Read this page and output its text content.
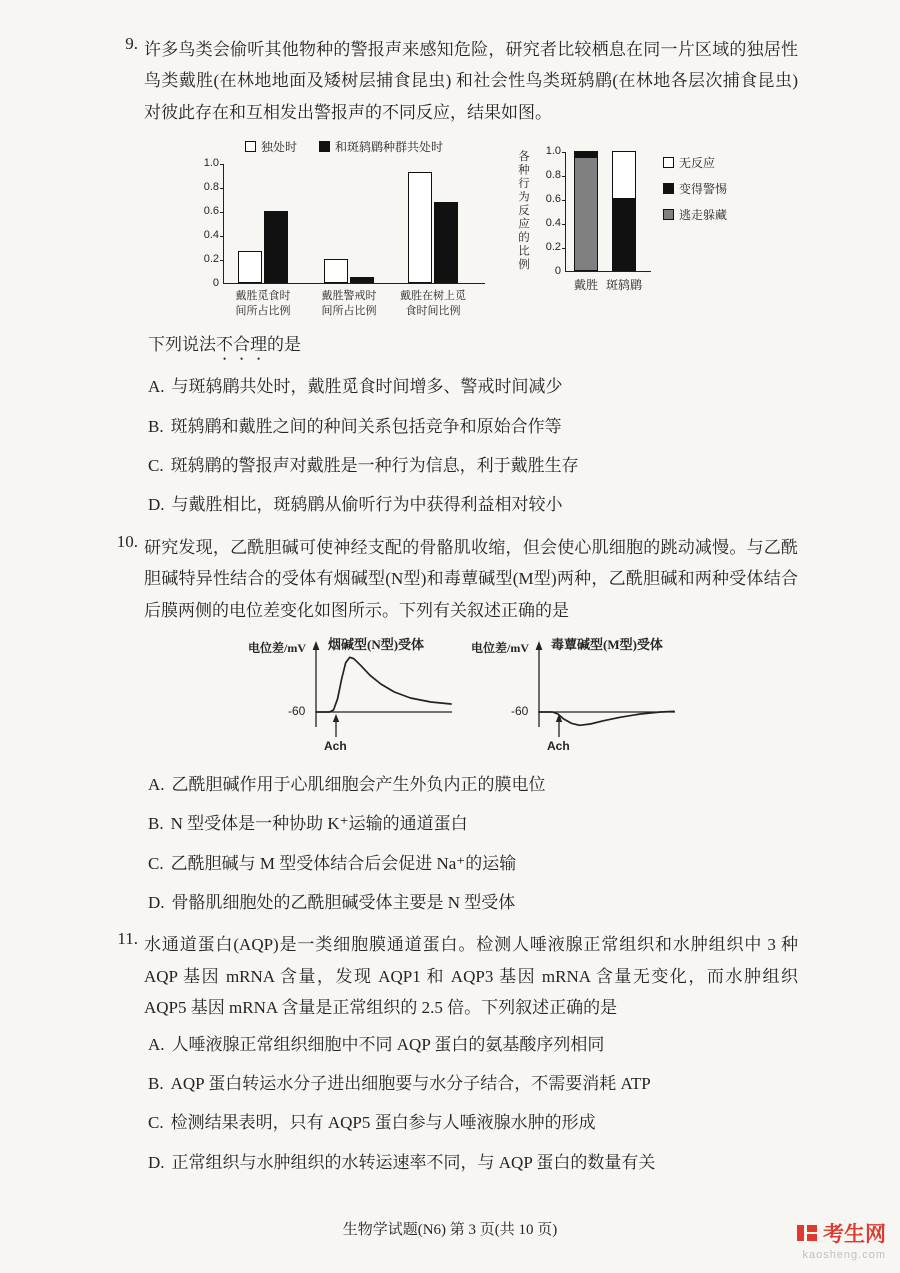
9. 许多鸟类会偷听其他物种的警报声来感知危险，研究者比较栖息在同一片区域的独居性鸟类戴胜(在林地地面及矮树层捕食昆虫) 和社会性鸟类斑鸫鹛(在林地各层次捕食昆虫)对彼此存在和互相发出警报声的不同反应，结果如图。
独处时	和斑鸫鹛种群共处时
0
0.2
0.4
0.6
0.8
1.0
戴胜觅食时
间所占比例
戴胜警戒时
间所占比例
戴胜在树上觅
食时间比例
各种行为反应的比例	0
0.2
0.4
0.6
0.8
1.0
戴胜 斑鸫鹛
无反应
变得警惕
逃走躲藏
下列说法不合理的是
A. 与斑鸫鹛共处时，戴胜觅食时间增多、警戒时间减少
B. 斑鸫鹛和戴胜之间的种间关系包括竞争和原始合作等
C. 斑鸫鹛的警报声对戴胜是一种行为信息，利于戴胜生存
D. 与戴胜相比，斑鸫鹛从偷听行为中获得利益相对较小
10. 研究发现，乙酰胆碱可使神经支配的骨骼肌收缩，但会使心肌细胞的跳动减慢。与乙酰胆碱特异性结合的受体有烟碱型(N型)和毒蕈碱型(M型)两种，乙酰胆碱和两种受体结合后膜两侧的电位差变化如图所示。下列有关叙述正确的是
电位差/mV 烟碱型(N型)受体
-60
Ach
电位差/mV 毒蕈碱型(M型)受体
-60
Ach
A. 乙酰胆碱作用于心肌细胞会产生外负内正的膜电位
B. N 型受体是一种协助 K⁺运输的通道蛋白
C. 乙酰胆碱与 M 型受体结合后会促进 Na⁺的运输
D. 骨骼肌细胞处的乙酰胆碱受体主要是 N 型受体
11. 水通道蛋白(AQP)是一类细胞膜通道蛋白。检测人唾液腺正常组织和水肿组织中 3 种 AQP 基因 mRNA 含量，发现 AQP1 和 AQP3 基因 mRNA 含量无变化，而水肿组织 AQP5 基因 mRNA 含量是正常组织的 2.5 倍。下列叙述正确的是
A. 人唾液腺正常组织细胞中不同 AQP 蛋白的氨基酸序列相同
B. AQP 蛋白转运水分子进出细胞要与水分子结合，不需要消耗 ATP
C. 检测结果表明，只有 AQP5 蛋白参与人唾液腺水肿的形成
D. 正常组织与水肿组织的水转运速率不同，与 AQP 蛋白的数量有关
生物学试题(N6) 第 3 页(共 10 页)	考生网
kaosheng.com
